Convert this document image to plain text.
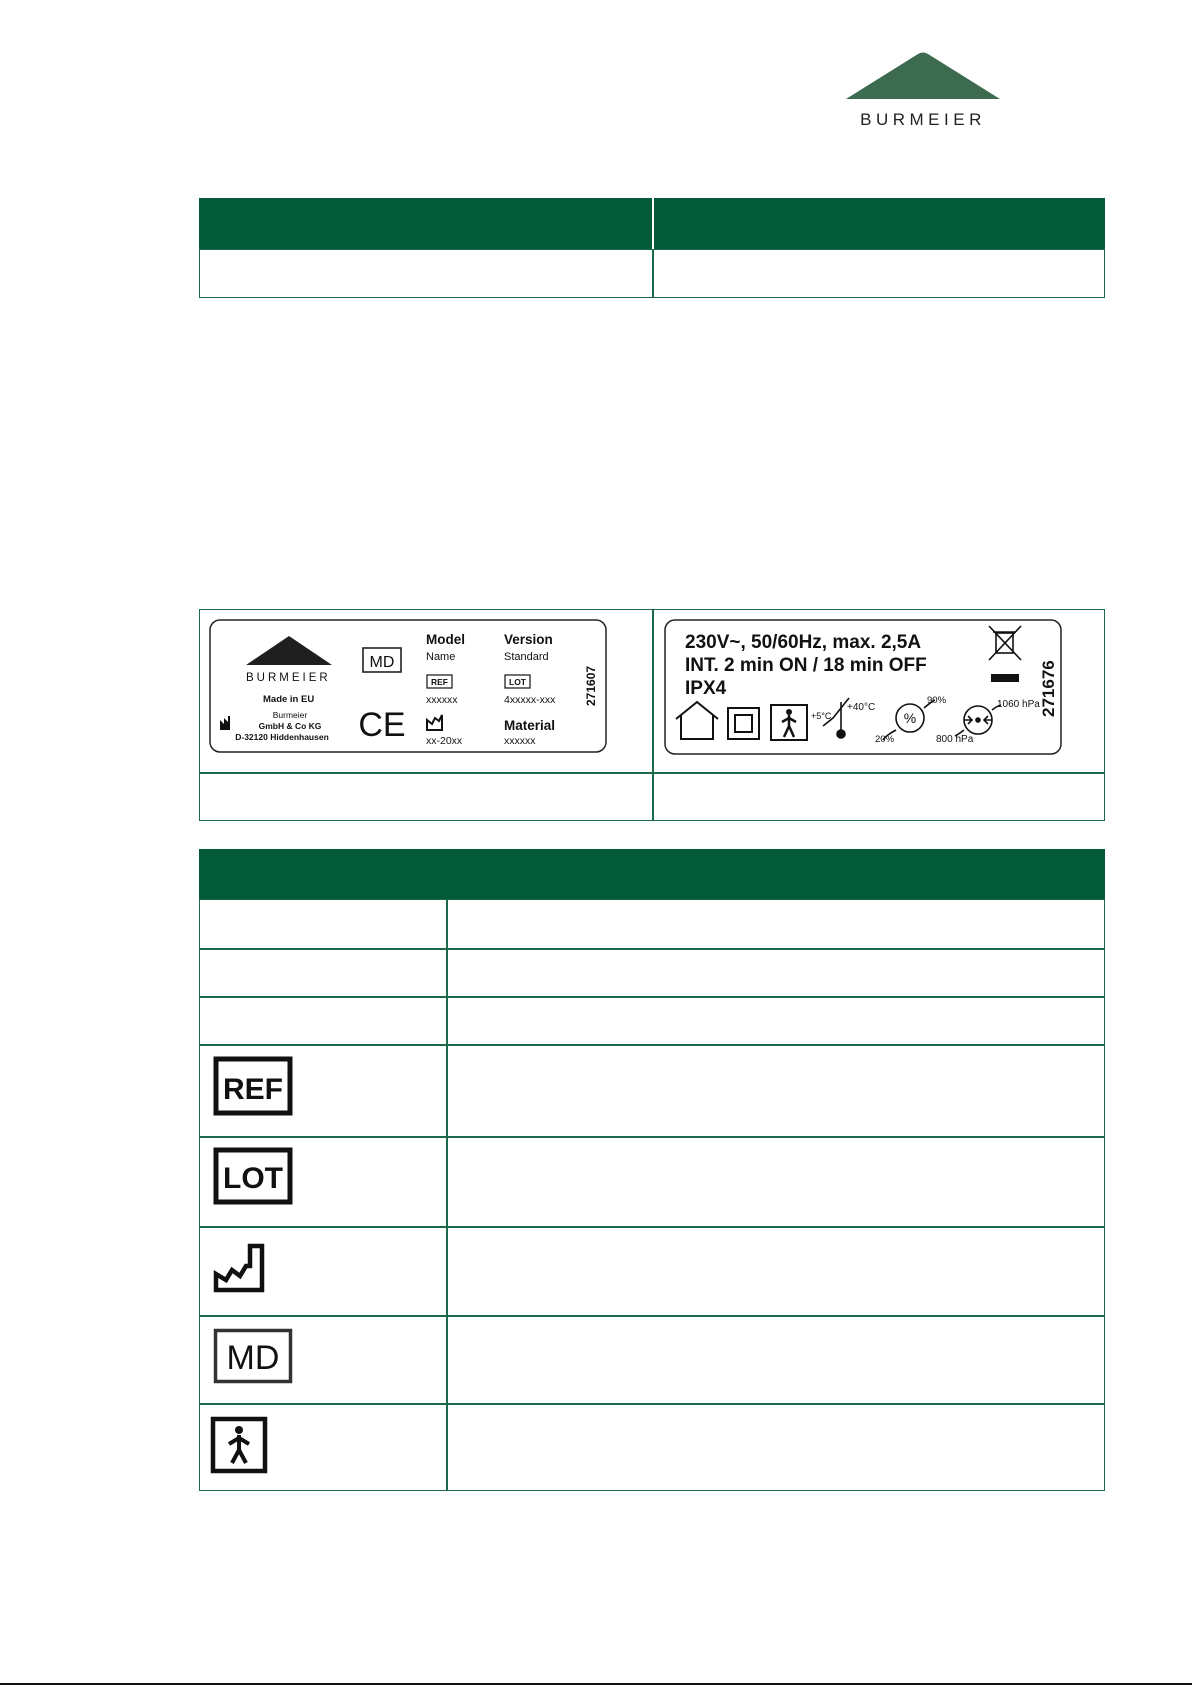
BURMEIER
BURMEIER
Made in EU
Burmeier
GmbH & Co KG
D-32120 Hiddenhausen
MD
CE
Model
Name
Version
Standard
REF
xxxxxx
LOT
4xxxxx-xxx
xx-20xx
Material
xxxxxx
271607
230V~, 50/60Hz, max. 2,5A
INT. 2 min ON / 18 min OFF
IPX4	271676
+5°C
+40°C
%
90%
20%
1060 hPa
800 hPa
REF
LOT
MD
